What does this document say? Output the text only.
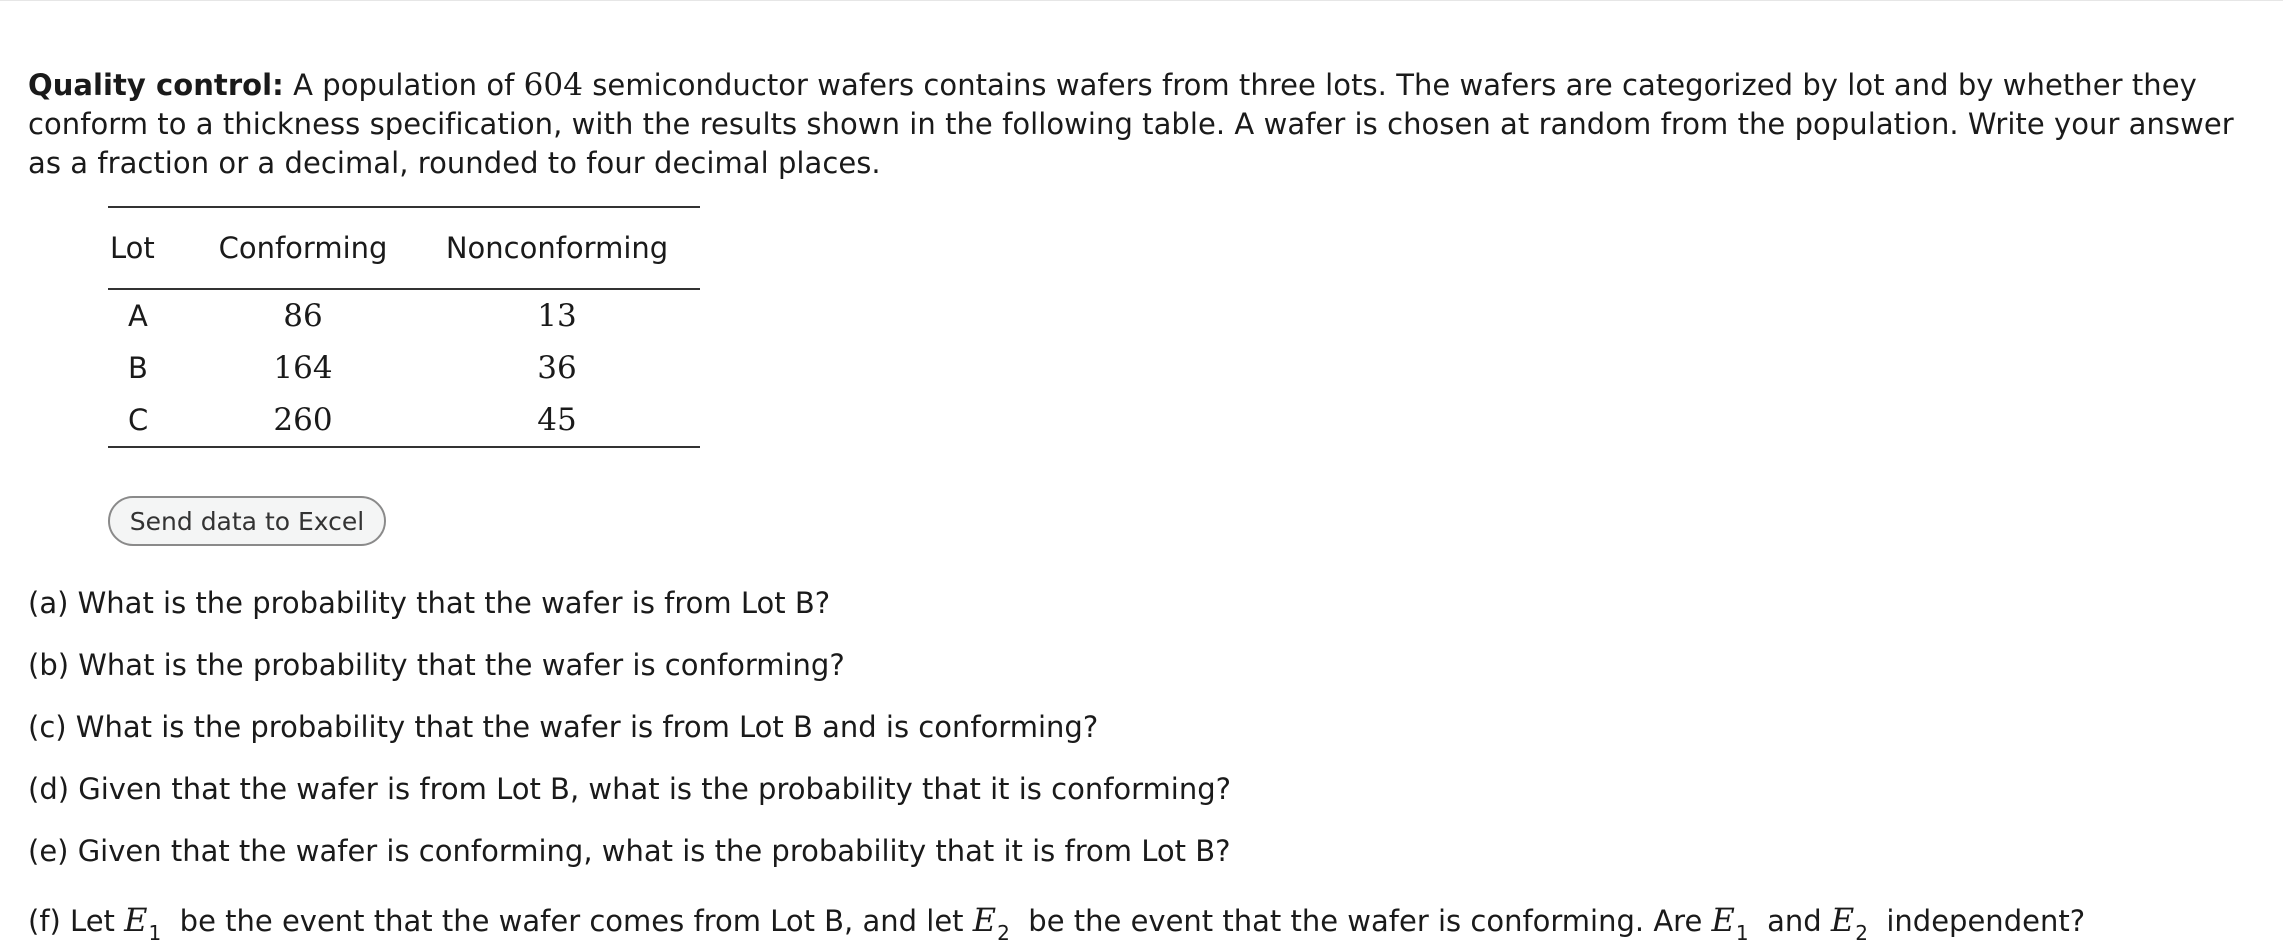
Quality control: A population of 604 semiconductor wafers contains wafers from three lots. The wafers are categorized by lot and by whether they conform to a thickness specification, with the results shown in the following table. A wafer is chosen at random from the population. Write your answer as a fraction or a decimal, rounded to four decimal places.

Lot	Conforming	Nonconforming
A	86	13
B	164	36
C	260	45
Send data to Excel
(a) What is the probability that the wafer is from Lot B?
(b) What is the probability that the wafer is conforming?
(c) What is the probability that the wafer is from Lot B and is conforming?
(d) Given that the wafer is from Lot B, what is the probability that it is conforming?
(e) Given that the wafer is conforming, what is the probability that it is from Lot B?
(f) Let $E_1$ be the event that the wafer comes from Lot B, and let $E_2$ be the event that the wafer is conforming. Are $E_1$ and $E_2$ independent?
